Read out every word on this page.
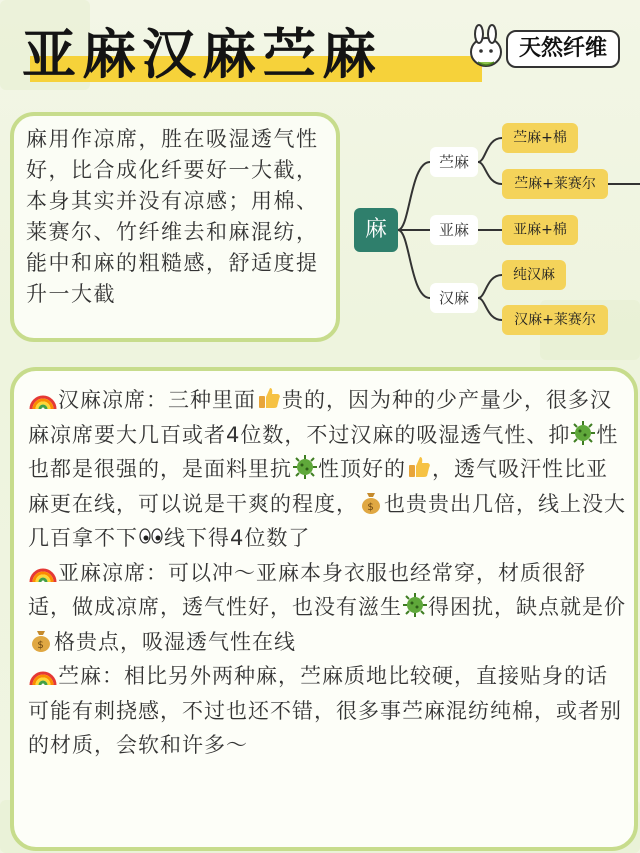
亚麻汉麻苎麻	天然纤维

麻用作凉席，胜在吸湿透气性好，比合成化纤要好一大截，本身其实并没有凉感；用棉、莱赛尔、竹纤维去和麻混纺，能中和麻的粗糙感，舒适度提升一大截

麻
苎麻
亚麻
汉麻
苎麻+棉
苎麻+莱赛尔
亚麻+棉
纯汉麻
汉麻+莱赛尔
汉麻凉席：三种里面 贵的，因为种的少产量少，很多汉麻凉席要大几百或者4位数，不过汉麻的吸湿透气性、抑 性也都是很强的，是面料里抗 性顶好的 ，透气吸汗性比亚麻更在线，可以说是干爽的程度， $ 也贵贵出几倍，线上没大几百拿不下 线下得4位数了
亚麻凉席：可以冲～亚麻本身衣服也经常穿，材质很舒适，做成凉席，透气性好，也没有滋生 得困扰，缺点就是价
$ 格贵点，吸湿透气性在线
苎麻：相比另外两种麻，苎麻质地比较硬，直接贴身的话可能有刺挠感，不过也还不错，很多事苎麻混纺纯棉，或者别的材质，会软和许多～
